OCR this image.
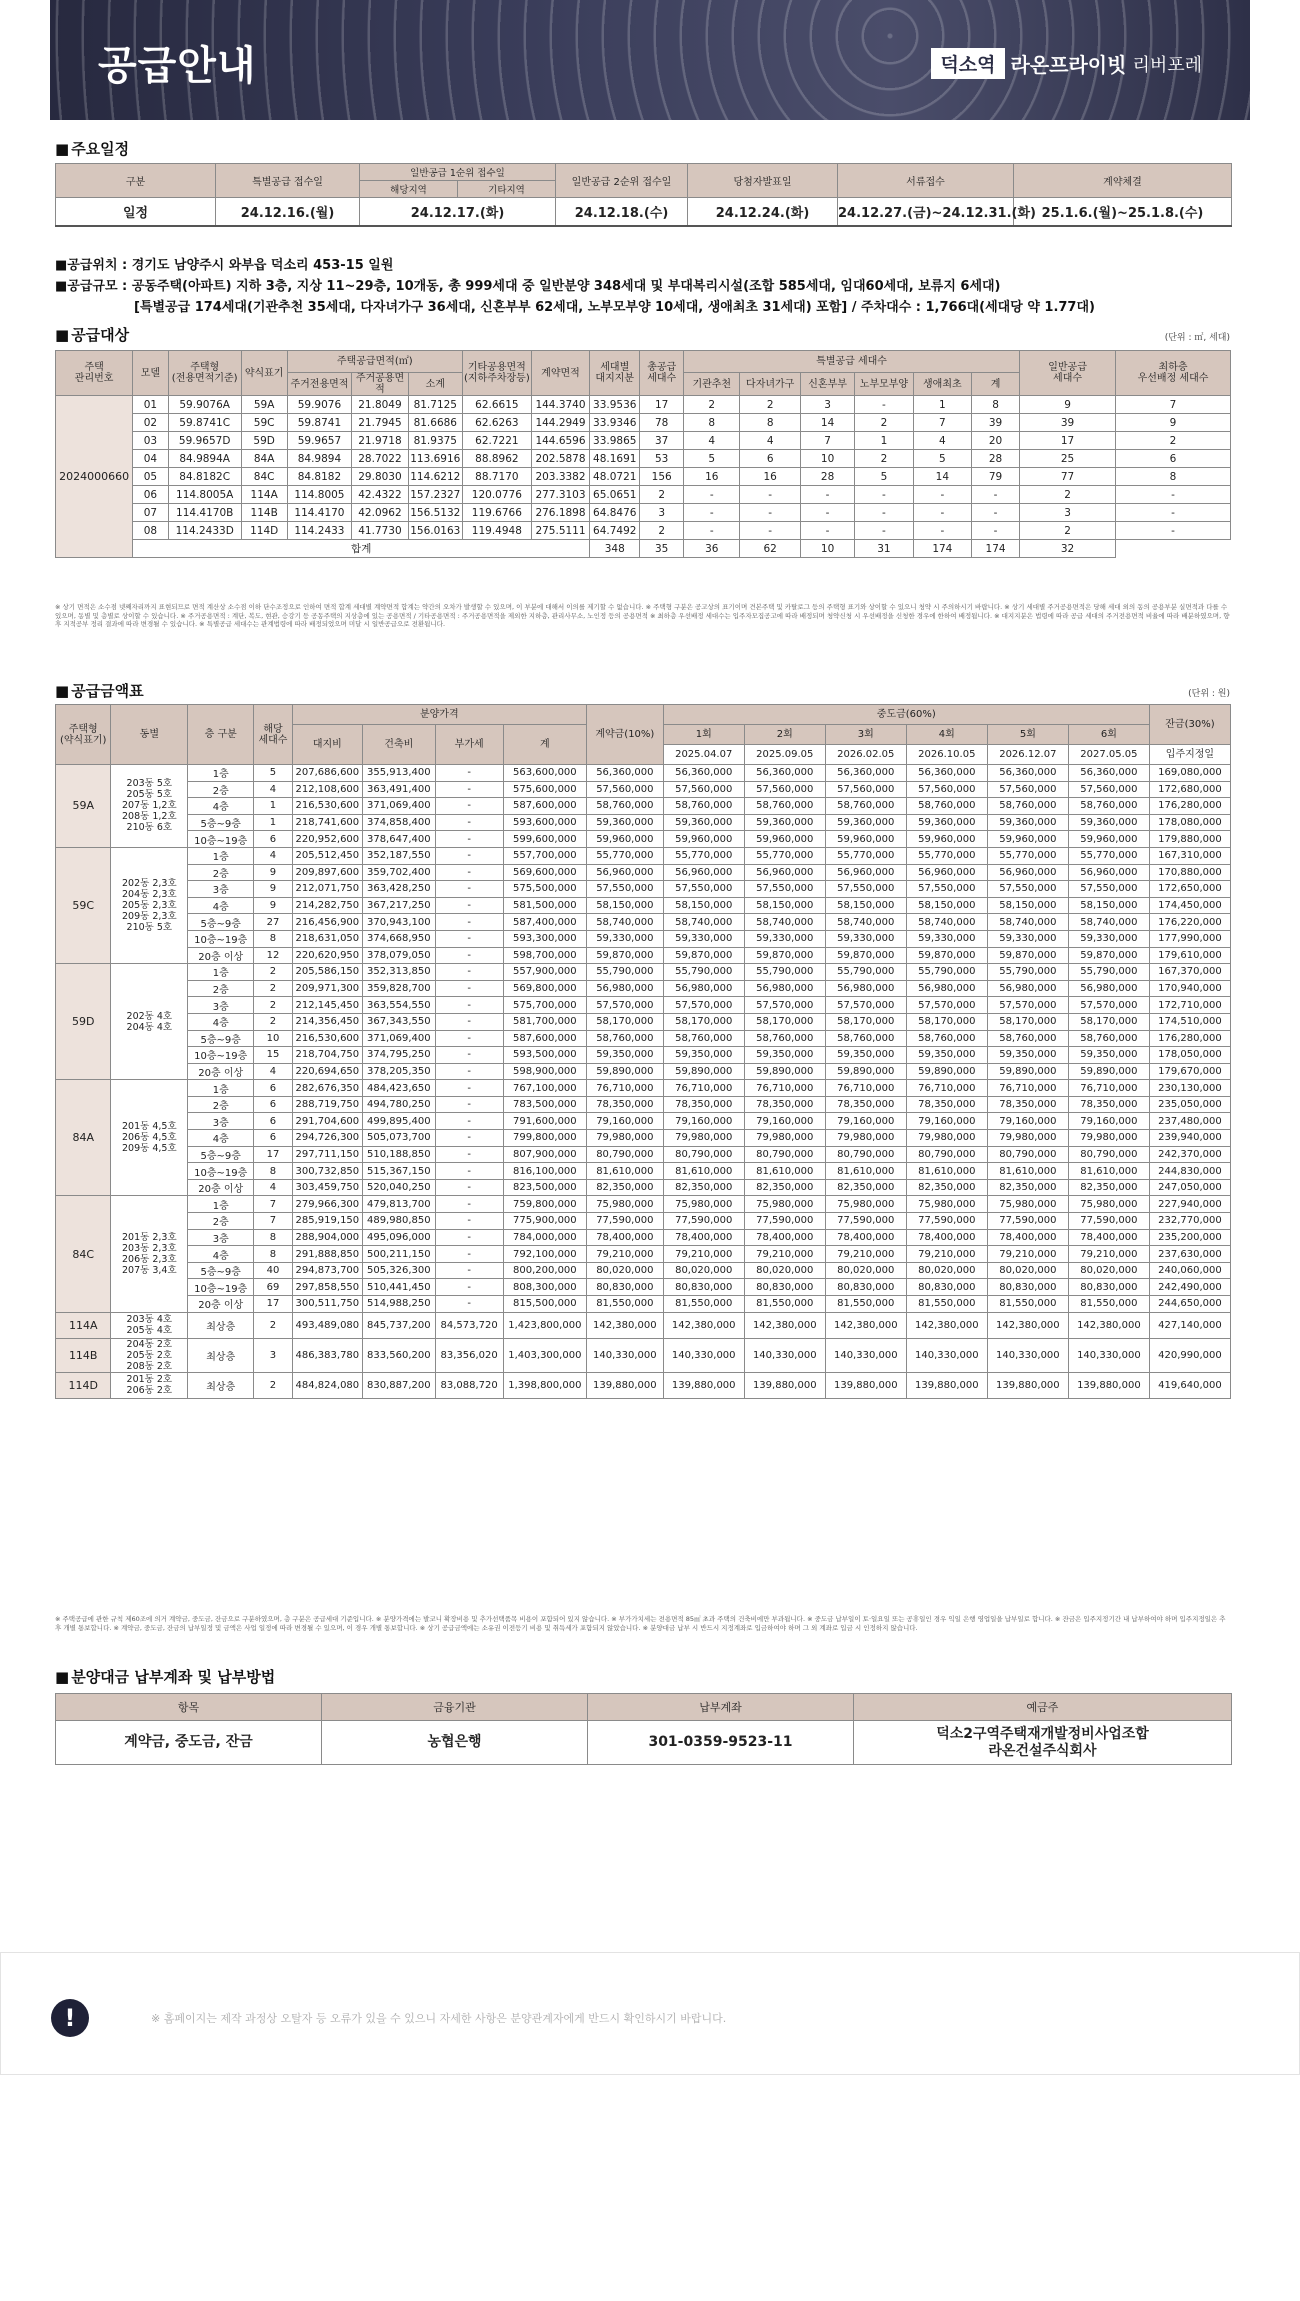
공급안내	덕소역 라온프라이빗 리버포레
■ 주요일정
구분	특별공급 접수일	일반공급 1순위 접수일		일반공급 2순위 접수일	당첨자발표일	서류접수	계약체결
		해당지역	기타지역				
일정	24.12.16.(월)	24.12.17.(화)		24.12.18.(수)	24.12.24.(화)	24.12.27.(금)~24.12.31.(화)	25.1.6.(월)~25.1.8.(수)
■공급위치 : 경기도 남양주시 와부읍 덕소리 453-15 일원
■공급규모 : 공동주택(아파트) 지하 3층, 지상 11~29층, 10개동, 총 999세대 중 일반분양 348세대 및 부대복리시설(조합 585세대, 임대60세대, 보류지 6세대)
[특별공급 174세대(기관추천 35세대, 다자녀가구 36세대, 신혼부부 62세대, 노부모부양 10세대, 생애최초 31세대) 포함] / 주차대수 : 1,766대(세대당 약 1.77대)
■ 공급대상	(단위 : ㎡, 세대)
주택
관리번호	모델	주택형
(전용면적기준)	약식표기	주택공급면적(㎡)			기타공용면적
(지하주차장등)	계약면적	세대별
대지지분	총공급
세대수	특별공급 세대수						일반공급
세대수	최하층
우선배정 세대수
				주거전용면적	주거공용면적	소계					기관추천	다자녀가구	신혼부부	노부모부양	생애최초	계		
2024000660	01	59.9076A	59A	59.9076	21.8049	81.7125	62.6615	144.3740	33.9536	17	2	2	3	-	1	8	9	7
	02	59.8741C	59C	59.8741	21.7945	81.6686	62.6263	144.2949	33.9346	78	8	8	14	2	7	39	39	9
	03	59.9657D	59D	59.9657	21.9718	81.9375	62.7221	144.6596	33.9865	37	4	4	7	1	4	20	17	2
	04	84.9894A	84A	84.9894	28.7022	113.6916	88.8962	202.5878	48.1691	53	5	6	10	2	5	28	25	6
	05	84.8182C	84C	84.8182	29.8030	114.6212	88.7170	203.3382	48.0721	156	16	16	28	5	14	79	77	8
	06	114.8005A	114A	114.8005	42.4322	157.2327	120.0776	277.3103	65.0651	2	-	-	-	-	-	-	2	-
	07	114.4170B	114B	114.4170	42.0962	156.5132	119.6766	276.1898	64.8476	3	-	-	-	-	-	-	3	-
	08	114.2433D	114D	114.2433	41.7730	156.0163	119.4948	275.5111	64.7492	2	-	-	-	-	-	-	2	-
	합계								348	35	36	62	10	31	174	174	32	
※ 상기 면적은 소수점 넷째자리까지 표현되므로 면적 계산상 소수점 이하 단수조정으로 인하여 면적 합계 세대별 계약면적 합계는 약간의 오차가 발생할 수 있으며, 이 부분에 대해서 이의를 제기할 수 없습니다. ※ 주택형 구분은 공고상의 표기이며 견본주택 및 카탈로그 등의 주택형 표기와 상이할 수 있으니 청약 시 주의하시기 바랍니다. ※ 상기 세대별 주거공용면적은 당해 세대 외의 동의 공용부분 실면적과 다를 수 있으며, 동별 및 층별로 상이할 수 있습니다. ※ 주거공용면적 : 계단, 복도, 현관, 승강기 등 공동주택의 지상층에 있는 공용면적 / 기타공용면적 : 주거공용면적을 제외한 지하층, 관리사무소, 노인정 등의 공용면적 ※ 최하층 우선배정 세대수는 입주자모집공고에 따라 배정되며 청약신청 시 우선배정을 신청한 경우에 한하여 배정됩니다. ※ 대지지분은 법령에 따라 공급 세대의 주거전용면적 비율에 따라 배분하였으며, 향후 지적공부 정리 결과에 따라 변경될 수 있습니다. ※ 특별공급 세대수는 관계법령에 따라 배정되었으며 미달 시 일반공급으로 전환됩니다.
■ 공급금액표	(단위 : 원)
주택형
(약식표기)	동별	층 구분	해당
세대수	분양가격				계약금(10%)	중도금(60%)						잔금(30%)
				대지비	건축비	부가세	계		1회	2회	3회	4회	5회	6회	
									2025.04.07	2025.09.05	2026.02.05	2026.10.05	2026.12.07	2027.05.05	입주지정일
59A	203동 5호
205동 5호
207동 1,2호
208동 1,2호
210동 6호	1층	5	207,686,600	355,913,400	-	563,600,000	56,360,000	56,360,000	56,360,000	56,360,000	56,360,000	56,360,000	56,360,000	169,080,000
		2층	4	212,108,600	363,491,400	-	575,600,000	57,560,000	57,560,000	57,560,000	57,560,000	57,560,000	57,560,000	57,560,000	172,680,000
		4층	1	216,530,600	371,069,400	-	587,600,000	58,760,000	58,760,000	58,760,000	58,760,000	58,760,000	58,760,000	58,760,000	176,280,000
		5층~9층	1	218,741,600	374,858,400	-	593,600,000	59,360,000	59,360,000	59,360,000	59,360,000	59,360,000	59,360,000	59,360,000	178,080,000
		10층~19층	6	220,952,600	378,647,400	-	599,600,000	59,960,000	59,960,000	59,960,000	59,960,000	59,960,000	59,960,000	59,960,000	179,880,000
59C	202동 2,3호
204동 2,3호
205동 2,3호
209동 2,3호
210동 5호	1층	4	205,512,450	352,187,550	-	557,700,000	55,770,000	55,770,000	55,770,000	55,770,000	55,770,000	55,770,000	55,770,000	167,310,000
		2층	9	209,897,600	359,702,400	-	569,600,000	56,960,000	56,960,000	56,960,000	56,960,000	56,960,000	56,960,000	56,960,000	170,880,000
		3층	9	212,071,750	363,428,250	-	575,500,000	57,550,000	57,550,000	57,550,000	57,550,000	57,550,000	57,550,000	57,550,000	172,650,000
		4층	9	214,282,750	367,217,250	-	581,500,000	58,150,000	58,150,000	58,150,000	58,150,000	58,150,000	58,150,000	58,150,000	174,450,000
		5층~9층	27	216,456,900	370,943,100	-	587,400,000	58,740,000	58,740,000	58,740,000	58,740,000	58,740,000	58,740,000	58,740,000	176,220,000
		10층~19층	8	218,631,050	374,668,950	-	593,300,000	59,330,000	59,330,000	59,330,000	59,330,000	59,330,000	59,330,000	59,330,000	177,990,000
		20층 이상	12	220,620,950	378,079,050	-	598,700,000	59,870,000	59,870,000	59,870,000	59,870,000	59,870,000	59,870,000	59,870,000	179,610,000
59D	202동 4호
204동 4호	1층	2	205,586,150	352,313,850	-	557,900,000	55,790,000	55,790,000	55,790,000	55,790,000	55,790,000	55,790,000	55,790,000	167,370,000
		2층	2	209,971,300	359,828,700	-	569,800,000	56,980,000	56,980,000	56,980,000	56,980,000	56,980,000	56,980,000	56,980,000	170,940,000
		3층	2	212,145,450	363,554,550	-	575,700,000	57,570,000	57,570,000	57,570,000	57,570,000	57,570,000	57,570,000	57,570,000	172,710,000
		4층	2	214,356,450	367,343,550	-	581,700,000	58,170,000	58,170,000	58,170,000	58,170,000	58,170,000	58,170,000	58,170,000	174,510,000
		5층~9층	10	216,530,600	371,069,400	-	587,600,000	58,760,000	58,760,000	58,760,000	58,760,000	58,760,000	58,760,000	58,760,000	176,280,000
		10층~19층	15	218,704,750	374,795,250	-	593,500,000	59,350,000	59,350,000	59,350,000	59,350,000	59,350,000	59,350,000	59,350,000	178,050,000
		20층 이상	4	220,694,650	378,205,350	-	598,900,000	59,890,000	59,890,000	59,890,000	59,890,000	59,890,000	59,890,000	59,890,000	179,670,000
84A	201동 4,5호
206동 4,5호
209동 4,5호	1층	6	282,676,350	484,423,650	-	767,100,000	76,710,000	76,710,000	76,710,000	76,710,000	76,710,000	76,710,000	76,710,000	230,130,000
		2층	6	288,719,750	494,780,250	-	783,500,000	78,350,000	78,350,000	78,350,000	78,350,000	78,350,000	78,350,000	78,350,000	235,050,000
		3층	6	291,704,600	499,895,400	-	791,600,000	79,160,000	79,160,000	79,160,000	79,160,000	79,160,000	79,160,000	79,160,000	237,480,000
		4층	6	294,726,300	505,073,700	-	799,800,000	79,980,000	79,980,000	79,980,000	79,980,000	79,980,000	79,980,000	79,980,000	239,940,000
		5층~9층	17	297,711,150	510,188,850	-	807,900,000	80,790,000	80,790,000	80,790,000	80,790,000	80,790,000	80,790,000	80,790,000	242,370,000
		10층~19층	8	300,732,850	515,367,150	-	816,100,000	81,610,000	81,610,000	81,610,000	81,610,000	81,610,000	81,610,000	81,610,000	244,830,000
		20층 이상	4	303,459,750	520,040,250	-	823,500,000	82,350,000	82,350,000	82,350,000	82,350,000	82,350,000	82,350,000	82,350,000	247,050,000
84C	201동 2,3호
203동 2,3호
206동 2,3호
207동 3,4호	1층	7	279,966,300	479,813,700	-	759,800,000	75,980,000	75,980,000	75,980,000	75,980,000	75,980,000	75,980,000	75,980,000	227,940,000
		2층	7	285,919,150	489,980,850	-	775,900,000	77,590,000	77,590,000	77,590,000	77,590,000	77,590,000	77,590,000	77,590,000	232,770,000
		3층	8	288,904,000	495,096,000	-	784,000,000	78,400,000	78,400,000	78,400,000	78,400,000	78,400,000	78,400,000	78,400,000	235,200,000
		4층	8	291,888,850	500,211,150	-	792,100,000	79,210,000	79,210,000	79,210,000	79,210,000	79,210,000	79,210,000	79,210,000	237,630,000
		5층~9층	40	294,873,700	505,326,300	-	800,200,000	80,020,000	80,020,000	80,020,000	80,020,000	80,020,000	80,020,000	80,020,000	240,060,000
		10층~19층	69	297,858,550	510,441,450	-	808,300,000	80,830,000	80,830,000	80,830,000	80,830,000	80,830,000	80,830,000	80,830,000	242,490,000
		20층 이상	17	300,511,750	514,988,250	-	815,500,000	81,550,000	81,550,000	81,550,000	81,550,000	81,550,000	81,550,000	81,550,000	244,650,000
114A	203동 4호
205동 4호	최상층	2	493,489,080	845,737,200	84,573,720	1,423,800,000	142,380,000	142,380,000	142,380,000	142,380,000	142,380,000	142,380,000	142,380,000	427,140,000
114B	204동 2호
205동 2호
208동 2호	최상층	3	486,383,780	833,560,200	83,356,020	1,403,300,000	140,330,000	140,330,000	140,330,000	140,330,000	140,330,000	140,330,000	140,330,000	420,990,000
114D	201동 2호
206동 2호	최상층	2	484,824,080	830,887,200	83,088,720	1,398,800,000	139,880,000	139,880,000	139,880,000	139,880,000	139,880,000	139,880,000	139,880,000	419,640,000
※ 주택공급에 관한 규칙 제60조에 의거 계약금, 중도금, 잔금으로 구분하였으며, 층 구분은 공급세대 기준입니다. ※ 분양가격에는 발코니 확장비용 및 추가선택품목 비용이 포함되어 있지 않습니다. ※ 부가가치세는 전용면적 85㎡ 초과 주택의 건축비에만 부과됩니다. ※ 중도금 납부일이 토·일요일 또는 공휴일인 경우 익일 은행 영업일을 납부일로 합니다. ※ 잔금은 입주지정기간 내 납부하여야 하며 입주지정일은 추후 개별 통보합니다. ※ 계약금, 중도금, 잔금의 납부일정 및 금액은 사업 일정에 따라 변경될 수 있으며, 이 경우 개별 통보합니다. ※ 상기 공급금액에는 소유권 이전등기 비용 및 취득세가 포함되지 않았습니다. ※ 분양대금 납부 시 반드시 지정계좌로 입금하여야 하며 그 외 계좌로 입금 시 인정하지 않습니다.
■ 분양대금 납부계좌 및 납부방법
항목	금융기관	납부계좌	예금주
계약금, 중도금, 잔금	농협은행	301-0359-9523-11	덕소2구역주택재개발정비사업조합
라온건설주식회사
!	※ 홈페이지는 제작 과정상 오탈자 등 오류가 있을 수 있으니 자세한 사항은 분양관계자에게 반드시 확인하시기 바랍니다.
